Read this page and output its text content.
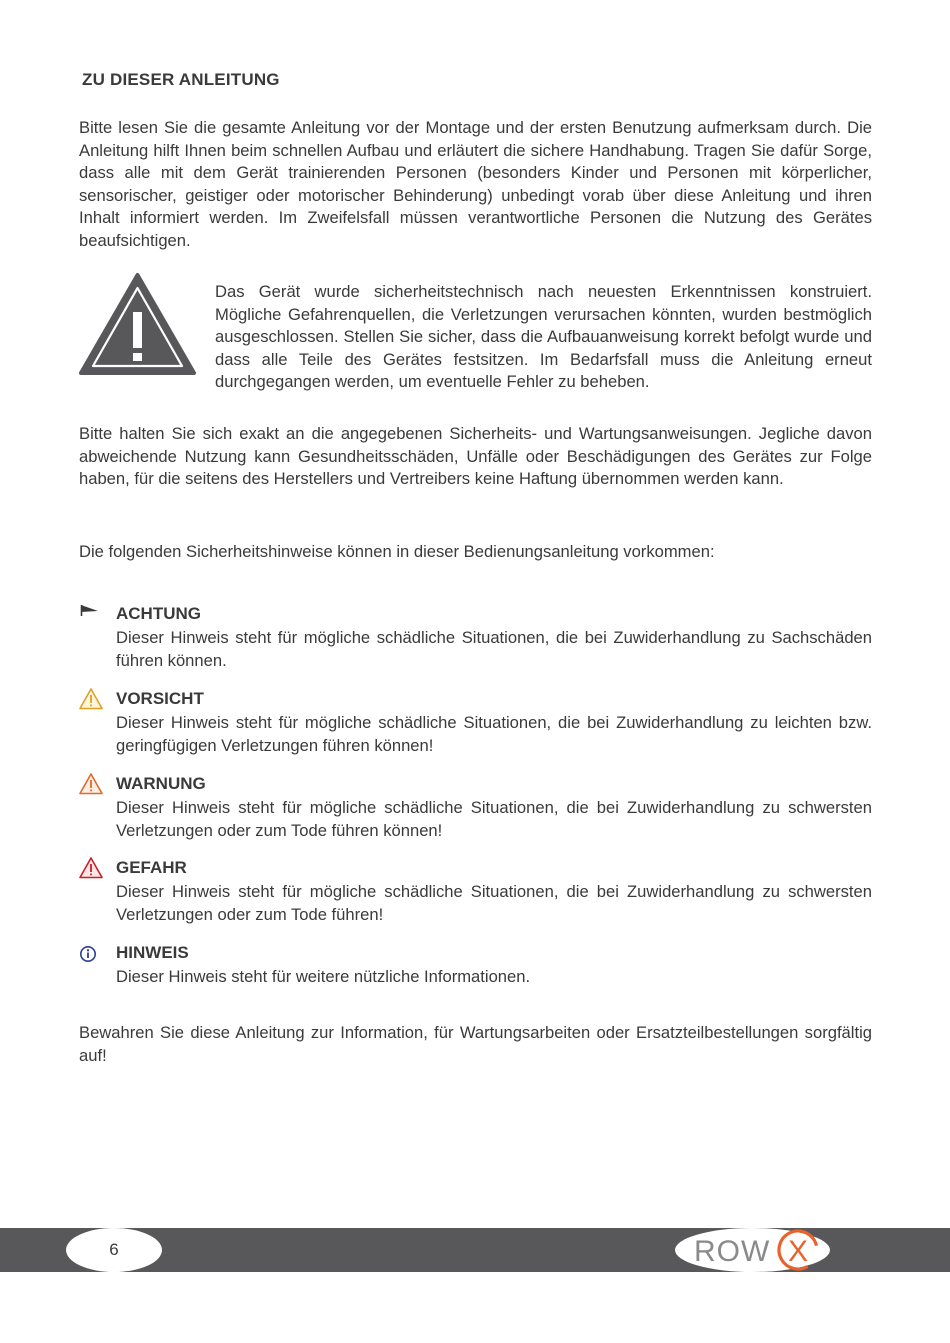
ZU DIESER ANLEITUNG

Bitte lesen Sie die gesamte Anleitung vor der Montage und der ersten Benutzung aufmerksam durch. Die Anleitung hilft Ihnen beim schnellen Aufbau und erläutert die sichere Handhabung. Tragen Sie dafür Sorge, dass alle mit dem Gerät trainierenden Personen (besonders Kinder und Personen mit körperlicher, sensorischer, geistiger oder motorischer Behinderung) unbedingt vorab über diese Anleitung und ihren Inhalt informiert werden. Im Zweifelsfall müssen verantwortliche Personen die Nutzung des Gerätes beaufsichtigen.

Das Gerät wurde sicherheitstechnisch nach neuesten Erkenntnissen konstruiert. Mögliche Gefahrenquellen, die Verletzungen verursachen könnten, wurden bestmöglich ausgeschlossen. Stellen Sie sicher, dass die Aufbauanweisung korrekt befolgt wurde und dass alle Teile des Gerätes festsitzen. Im Bedarfsfall muss die Anleitung erneut durchgegangen werden, um eventuelle Fehler zu beheben.

Bitte halten Sie sich exakt an die angegebenen Sicherheits- und Wartungsanweisungen. Jegliche davon abweichende Nutzung kann Gesundheitsschäden, Unfälle oder Beschädigungen des Gerätes zur Folge haben, für die seitens des Herstellers und Vertreibers keine Haftung übernommen werden kann.

Die folgenden Sicherheitshinweise können in dieser Bedienungsanleitung vorkommen:

ACHTUNG

Dieser Hinweis steht für mögliche schädliche Situationen, die bei Zuwiderhandlung zu Sachschäden führen können.

VORSICHT

Dieser Hinweis steht für mögliche schädliche Situationen, die bei Zuwiderhandlung zu leichten bzw. geringfügigen Verletzungen führen können!

WARNUNG

Dieser Hinweis steht für mögliche schädliche Situationen, die bei Zuwiderhandlung zu schwersten Verletzungen oder zum Tode führen können!

GEFAHR

Dieser Hinweis steht für mögliche schädliche Situationen, die bei Zuwiderhandlung zu schwersten Verletzungen oder zum Tode führen!

HINWEIS

Dieser Hinweis steht für weitere nützliche Informationen.

Bewahren Sie diese Anleitung zur Information, für Wartungsarbeiten oder Ersatzteilbestellungen sorgfältig auf!

6	ROW X
